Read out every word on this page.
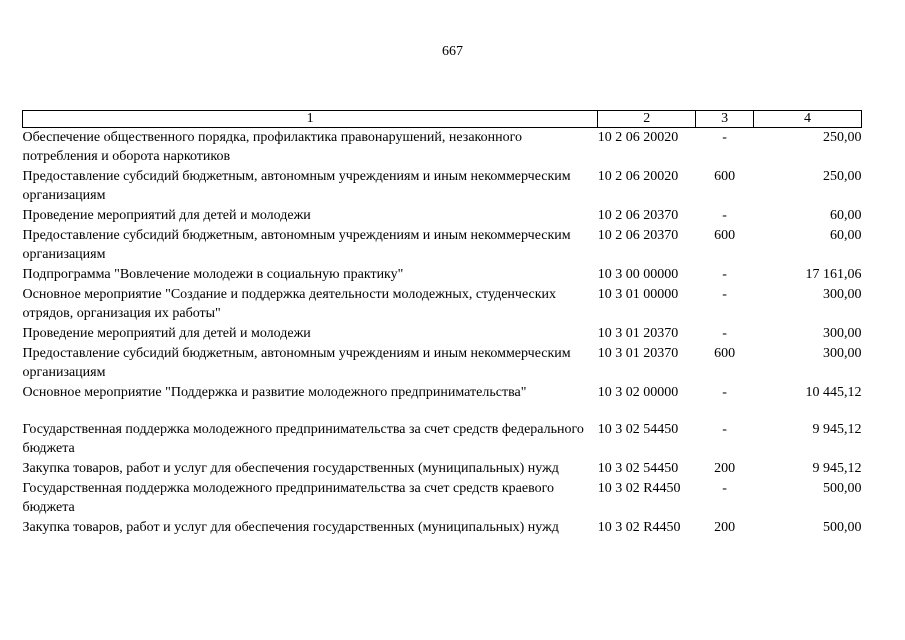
667
1	2	3	4
Обеспечение общественного порядка, профилактика правонарушений, незаконного потребления и оборота наркотиков	10 2 06 20020	-	250,00
Предоставление субсидий бюджетным, автономным учреждениям и иным некоммерческим организациям	10 2 06 20020	600	250,00
Проведение мероприятий для детей и молодежи	10 2 06 20370	-	60,00
Предоставление субсидий бюджетным, автономным учреждениям и иным некоммерческим организациям	10 2 06 20370	600	60,00
Подпрограмма "Вовлечение молодежи в социальную практику"	10 3 00 00000	-	17 161,06
Основное мероприятие "Создание и поддержка деятельности молодежных, студенческих отрядов, организация их работы"	10 3 01 00000	-	300,00
Проведение мероприятий для детей и молодежи	10 3 01 20370	-	300,00
Предоставление субсидий бюджетным, автономным учреждениям и иным некоммерческим организациям	10 3 01 20370	600	300,00
Основное мероприятие "Поддержка и развитие молодежного предпринимательства"	10 3 02 00000	-	10 445,12
Государственная поддержка молодежного предпринимательства за счет средств федерального бюджета	10 3 02 54450	-	9 945,12
Закупка товаров, работ и услуг для обеспечения государственных (муниципальных) нужд	10 3 02 54450	200	9 945,12
Государственная поддержка молодежного предпринимательства за счет средств краевого бюджета	10 3 02 R4450	-	500,00
Закупка товаров, работ и услуг для обеспечения государственных (муниципальных) нужд	10 3 02 R4450	200	500,00
